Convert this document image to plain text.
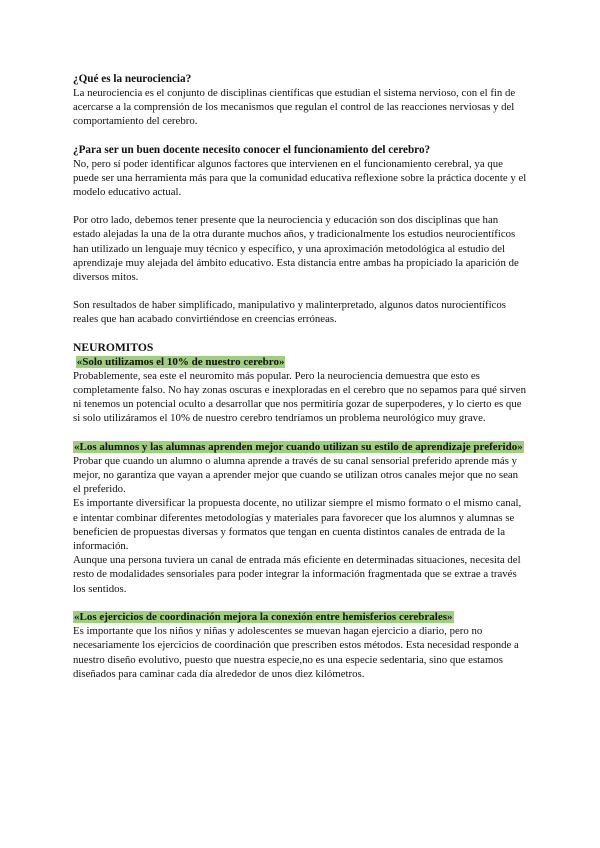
¿Qué es la neurociencia?

La neurociencia es el conjunto de disciplinas científicas que estudian el sistema nervioso, con el fin de acercarse a la comprensión de los mecanismos que regulan el control de las reacciones nerviosas y del comportamiento del cerebro.

¿Para ser un buen docente necesito conocer el funcionamiento del cerebro?

No, pero sí poder identificar algunos factores que intervienen en el funcionamiento cerebral, ya que puede ser una herramienta más para que la comunidad educativa reflexione sobre la práctica docente y el modelo educativo actual.

Por otro lado, debemos tener presente que la neurociencia y educación son dos disciplinas que han estado alejadas la una de la otra durante muchos años, y tradicionalmente los estudios neurocientíficos han utilizado un lenguaje muy técnico y específico, y una aproximación metodológica al estudio del aprendizaje muy alejada del ámbito educativo. Esta distancia entre ambas ha propiciado la aparición de diversos mitos.

Son resultados de haber simplificado, manipulativo y malinterpretado, algunos datos nurocientíficos reales que han acabado convirtiéndose en creencias erróneas.

NEUROMITOS

«Solo utilizamos el 10% de nuestro cerebro»

Probablemente, sea este el neuromito más popular. Pero la neurociencia demuestra que esto es completamente falso. No hay zonas oscuras e inexploradas en el cerebro que no sepamos para qué sirven ni tenemos un potencial oculto a desarrollar que nos permitiría gozar de superpoderes, y lo cierto es que si solo utilizáramos el 10% de nuestro cerebro tendríamos un problema neurológico muy grave.

«Los alumnos y las alumnas aprenden mejor cuando utilizan su estilo de aprendizaje preferido»

Probar que cuando un alumno o alumna aprende a través de su canal sensorial preferido aprende más y mejor, no garantiza que vayan a aprender mejor que cuando se utilizan otros canales mejor que no sean el preferido.

Es importante diversificar la propuesta docente, no utilizar siempre el mismo formato o el mismo canal, e intentar combinar diferentes metodologías y materiales para favorecer que los alumnos y alumnas se beneficien de propuestas diversas y formatos que tengan en cuenta distintos canales de entrada de la información.

Aunque una persona tuviera un canal de entrada más eficiente en determinadas situaciones, necesita del resto de modalidades sensoriales para poder integrar la información fragmentada que se extrae a través los sentidos.

«Los ejercicios de coordinación mejora la conexión entre hemisferios cerebrales»

Es importante que los niños y niñas y adolescentes se muevan hagan ejercicio a diario, pero no necesariamente los ejercicios de coordinación que prescriben estos métodos. Esta necesidad responde a nuestro diseño evolutivo, puesto que nuestra especie,no es una especie sedentaria, sino que estamos diseñados para caminar cada día alrededor de unos diez kilómetros.
